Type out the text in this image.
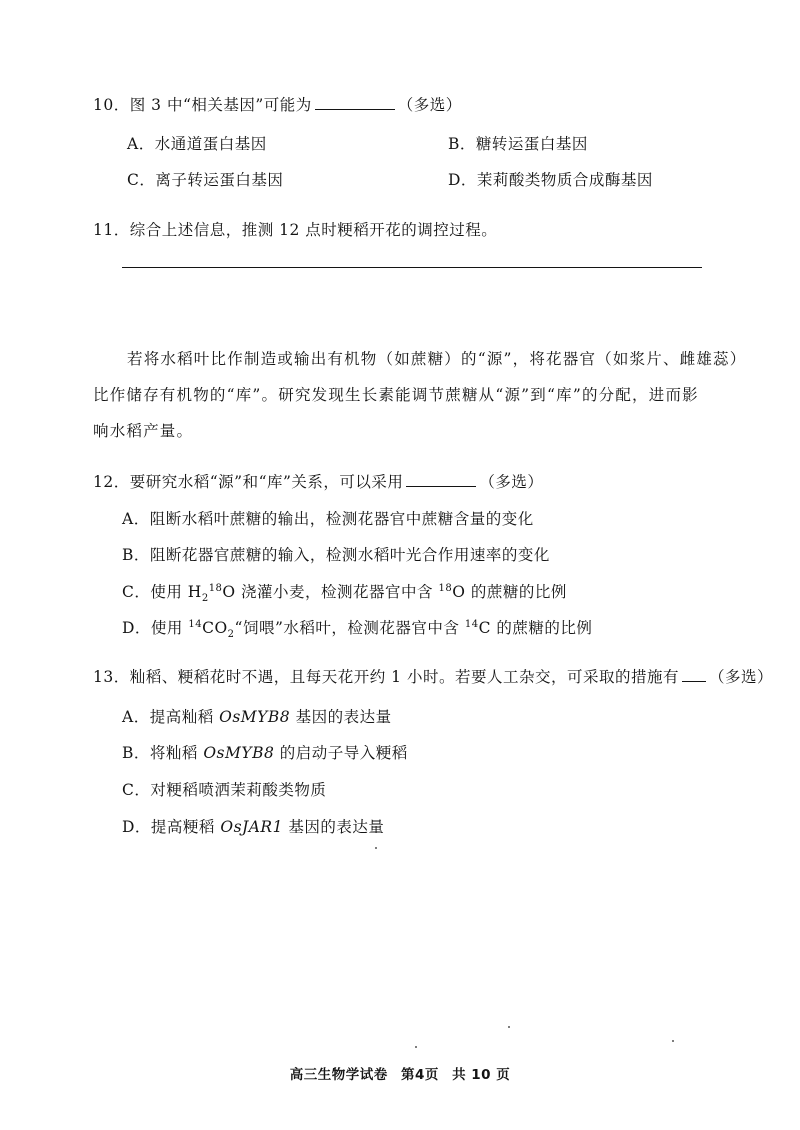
10．图 3 中“相关基因”可能为	（多选）
A．水通道蛋白基因	B．糖转运蛋白基因
C．离子转运蛋白基因	D．茉莉酸类物质合成酶基因
11．综合上述信息，推测 12 点时粳稻开花的调控过程。
若将水稻叶比作制造或输出有机物（如蔗糖）的“源”，将花器官（如浆片、雌雄蕊）
比作储存有机物的“库”。研究发现生长素能调节蔗糖从“源”到“库”的分配，进而影
响水稻产量。
12．要研究水稻“源”和“库”关系，可以采用	（多选）
A．阻断水稻叶蔗糖的输出，检测花器官中蔗糖含量的变化
B．阻断花器官蔗糖的输入，检测水稻叶光合作用速率的变化
C．使用 $H_2^{18}O$ 浇灌小麦，检测花器官中含 $^{18}$O 的蔗糖的比例
D．使用 $^{14}CO_2“$饲喂”水稻叶，检测花器官中含 $^{14}$C 的蔗糖的比例
13．籼稻、粳稻花时不遇，且每天花开约 1 小时。若要人工杂交，可采取的措施有 （多选）
A．提高籼稻 OsMYB8 基因的表达量
B．将籼稻 OsMYB8 的启动子导入粳稻
C．对粳稻喷洒茉莉酸类物质
D．提高粳稻 OsJAR1 基因的表达量
高三生物学试卷 第4页 共 10 页
